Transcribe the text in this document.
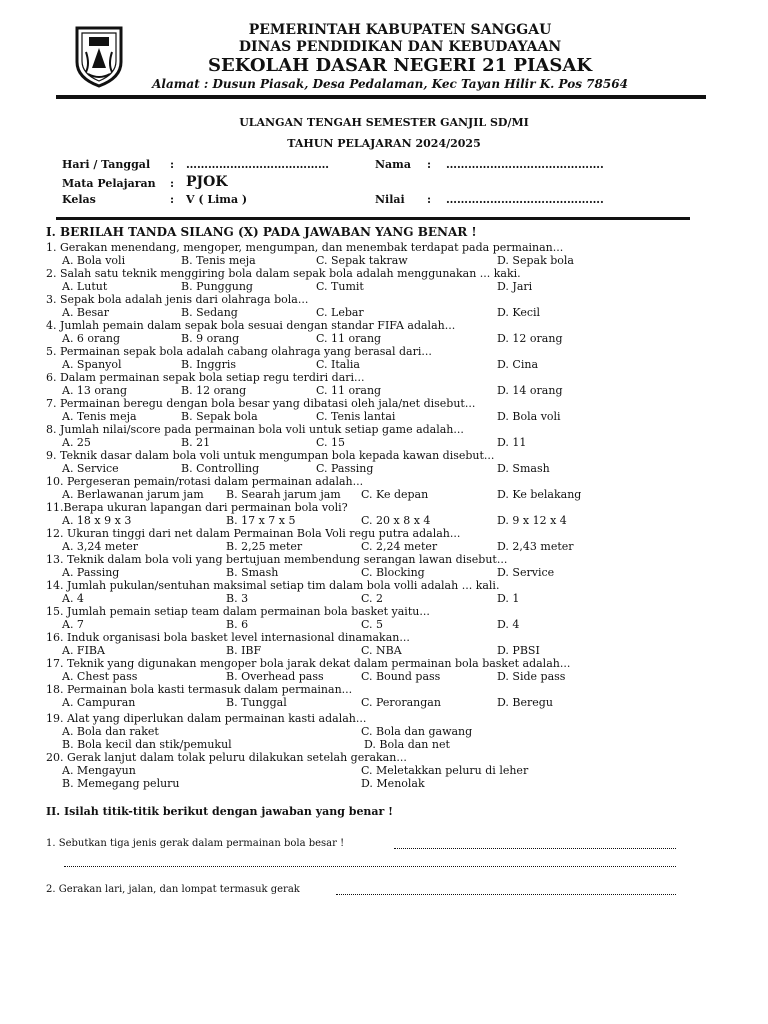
PEMERINTAH KABUPATEN SANGGAU
DINAS PENDIDIKAN DAN KEBUDAYAAN
SEKOLAH DASAR NEGERI 21 PIASAK
Alamat : Dusun Piasak, Desa Pedalaman, Kec Tayan Hilir K. Pos 78564
ULANGAN TENGAH SEMESTER GANJIL SD/MI
TAHUN PELAJARAN 2024/2025
Hari / Tanggal : …………………………………	Nama : …………………………………….
Mata Pelajaran : PJOK
Kelas	: V ( Lima )	Nilai : …………………………………….
I. BERILAH TANDA SILANG (X) PADA JAWABAN YANG BENAR !
1. Gerakan menendang, mengoper, mengumpan, dan menembak terdapat pada permainan...
A. Bola voli	B. Tenis meja	C. Sepak takraw	D. Sepak bola
2. Salah satu teknik menggiring bola dalam sepak bola adalah menggunakan ... kaki.
A. Lutut	B. Punggung	C. Tumit	D. Jari
3. Sepak bola adalah jenis dari olahraga bola...
A. Besar	B. Sedang	C. Lebar	D. Kecil
4. Jumlah pemain dalam sepak bola sesuai dengan standar FIFA adalah...
A. 6 orang	B. 9 orang	C. 11 orang	D. 12 orang
5. Permainan sepak bola adalah cabang olahraga yang berasal dari...
A. Spanyol	B. Inggris	C. Italia	D. Cina
6. Dalam permainan sepak bola setiap regu terdiri dari...
A. 13 orang	B. 12 orang	C. 11 orang	D. 14 orang
7. Permainan beregu dengan bola besar yang dibatasi oleh jala/net disebut...
A. Tenis meja	B. Sepak bola	C. Tenis lantai	D. Bola voli
8. Jumlah nilai/score pada permainan bola voli untuk setiap game adalah...
A. 25	B. 21	C. 15	D. 11
9. Teknik dasar dalam bola voli untuk mengumpan bola kepada kawan disebut...
A. Service	B. Controlling	C. Passing	D. Smash
10. Pergeseran pemain/rotasi dalam permainan adalah...
A. Berlawanan jarum jam B. Searah jarum jam C. Ke depan	D. Ke belakang
11.Berapa ukuran lapangan dari permainan bola voli?
A. 18 x 9 x 3	B. 17 x 7 x 5	C. 20 x 8 x 4	D. 9 x 12 x 4
12. Ukuran tinggi dari net dalam Permainan Bola Voli regu putra adalah...
A. 3,24 meter	B. 2,25 meter	C. 2,24 meter	D. 2,43 meter
13. Teknik dalam bola voli yang bertujuan membendung serangan lawan disebut...
A. Passing	B. Smash	C. Blocking	D. Service
14. Jumlah pukulan/sentuhan maksimal setiap tim dalam bola volli adalah ... kali.
A. 4	B. 3	C. 2	D. 1
15. Jumlah pemain setiap team dalam permainan bola basket yaitu...
A. 7	B. 6	C. 5	D. 4
16. Induk organisasi bola basket level internasional dinamakan...
A. FIBA	B. IBF	C. NBA	D. PBSI
17. Teknik yang digunakan mengoper bola jarak dekat dalam permainan bola basket adalah...
A. Chest pass	B. Overhead pass	C. Bound pass	D. Side pass
18. Permainan bola kasti termasuk dalam permainan...
A. Campuran	B. Tunggal	C. Perorangan	D. Beregu
19. Alat yang diperlukan dalam permainan kasti adalah...
A. Bola dan raket	C. Bola dan gawang
B. Bola kecil dan stik/pemukul	D. Bola dan net
20. Gerak lanjut dalam tolak peluru dilakukan setelah gerakan...
A. Mengayun	C. Meletakkan peluru di leher
B. Memegang peluru	D. Menolak
II. Isilah titik-titik berikut dengan jawaban yang benar !
1. Sebutkan tiga jenis gerak dalam permainan bola besar !
2. Gerakan lari, jalan, dan lompat termasuk gerak
